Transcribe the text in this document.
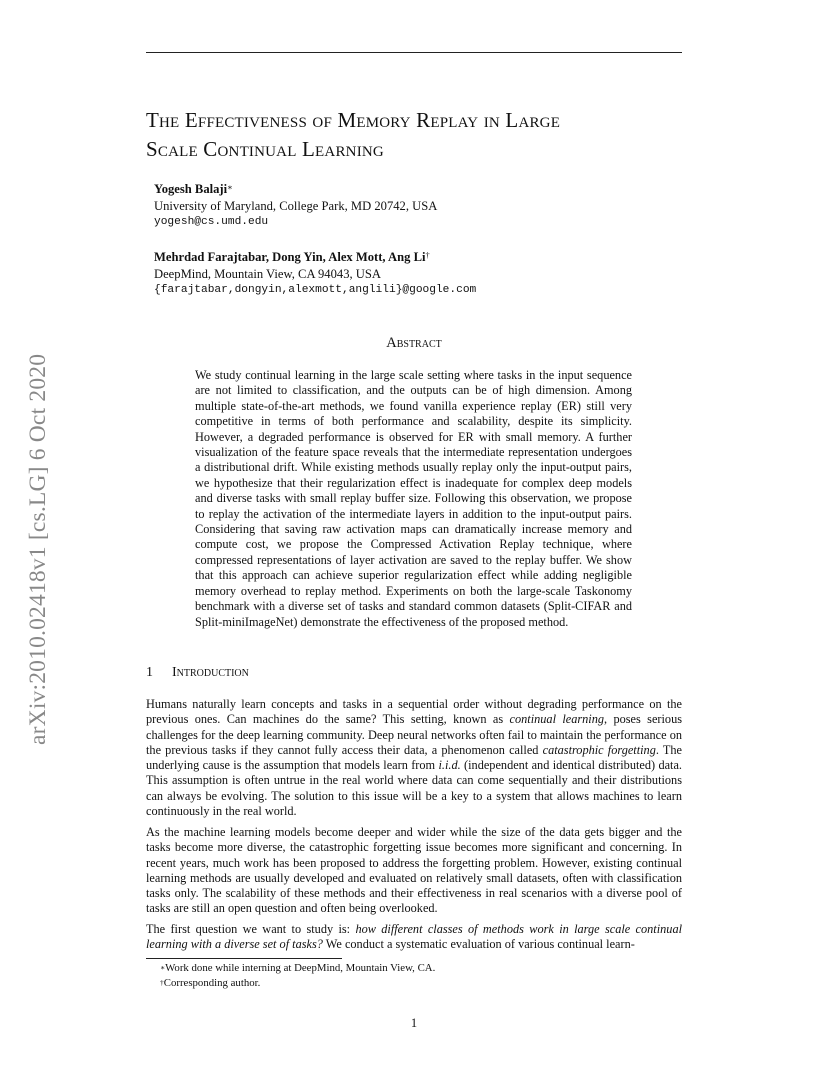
arXiv:2010.02418v1 [cs.LG] 6 Oct 2020
The Effectiveness of Memory Replay in Large
Scale Continual Learning
Yogesh Balaji∗
University of Maryland, College Park, MD 20742, USA
yogesh@cs.umd.edu
Mehrdad Farajtabar, Dong Yin, Alex Mott, Ang Li†
DeepMind, Mountain View, CA 94043, USA
{farajtabar,dongyin,alexmott,anglili}@google.com
Abstract

We study continual learning in the large scale setting where tasks in the input sequence are not limited to classification, and the outputs can be of high dimension. Among multiple state-of-the-art methods, we found vanilla experience replay (ER) still very competitive in terms of both performance and scalability, despite its simplicity. However, a degraded performance is observed for ER with small memory. A further visualization of the feature space reveals that the intermediate representation undergoes a distributional drift. While existing methods usually replay only the input-output pairs, we hypothesize that their regularization effect is inadequate for complex deep models and diverse tasks with small replay buffer size. Following this observation, we propose to replay the activation of the intermediate layers in addition to the input-output pairs. Considering that saving raw activation maps can dramatically increase memory and compute cost, we propose the Compressed Activation Replay technique, where compressed representations of layer activation are saved to the replay buffer. We show that this approach can achieve superior regularization effect while adding negligible memory overhead to replay method. Experiments on both the large-scale Taskonomy benchmark with a diverse set of tasks and standard common datasets (Split-CIFAR and Split-miniImageNet) demonstrate the effectiveness of the proposed method.

1 Introduction

Humans naturally learn concepts and tasks in a sequential order without degrading performance on the previous ones. Can machines do the same? This setting, known as continual learning, poses serious challenges for the deep learning community. Deep neural networks often fail to maintain the performance on the previous tasks if they cannot fully access their data, a phenomenon called catastrophic forgetting. The underlying cause is the assumption that models learn from i.i.d. (independent and identical distributed) data. This assumption is often untrue in the real world where data can come sequentially and their distributions can always be evolving. The solution to this issue will be a key to a system that allows machines to learn continuously in the real world.

As the machine learning models become deeper and wider while the size of the data gets bigger and the tasks become more diverse, the catastrophic forgetting issue becomes more significant and concerning. In recent years, much work has been proposed to address the forgetting problem. However, existing continual learning methods are usually developed and evaluated on relatively small datasets, often with classification tasks only. The scalability of these methods and their effectiveness in real scenarios with a diverse pool of tasks are still an open question and often being overlooked.

The first question we want to study is: how different classes of methods work in large scale continual learning with a diverse set of tasks? We conduct a systematic evaluation of various continual learn-

∗Work done while interning at DeepMind, Mountain View, CA.
†Corresponding author.
1
